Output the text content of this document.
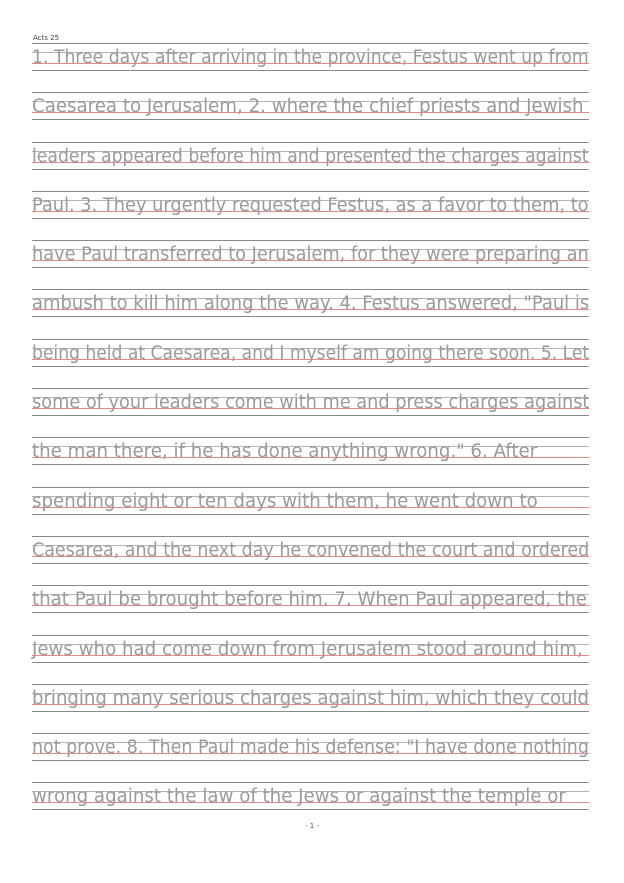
Acts 25
1. Three days after arriving in the province, Festus went up from
Caesarea to Jerusalem, 2. where the chief priests and Jewish
leaders appeared before him and presented the charges against
Paul. 3. They urgently requested Festus, as a favor to them, to
have Paul transferred to Jerusalem, for they were preparing an
ambush to kill him along the way. 4. Festus answered, "Paul is
being held at Caesarea, and I myself am going there soon. 5. Let
some of your leaders come with me and press charges against
the man there, if he has done anything wrong." 6. After
spending eight or ten days with them, he went down to
Caesarea, and the next day he convened the court and ordered
that Paul be brought before him. 7. When Paul appeared, the
Jews who had come down from Jerusalem stood around him,
bringing many serious charges against him, which they could
not prove. 8. Then Paul made his defense: "I have done nothing
wrong against the law of the Jews or against the temple or
- 1 -
